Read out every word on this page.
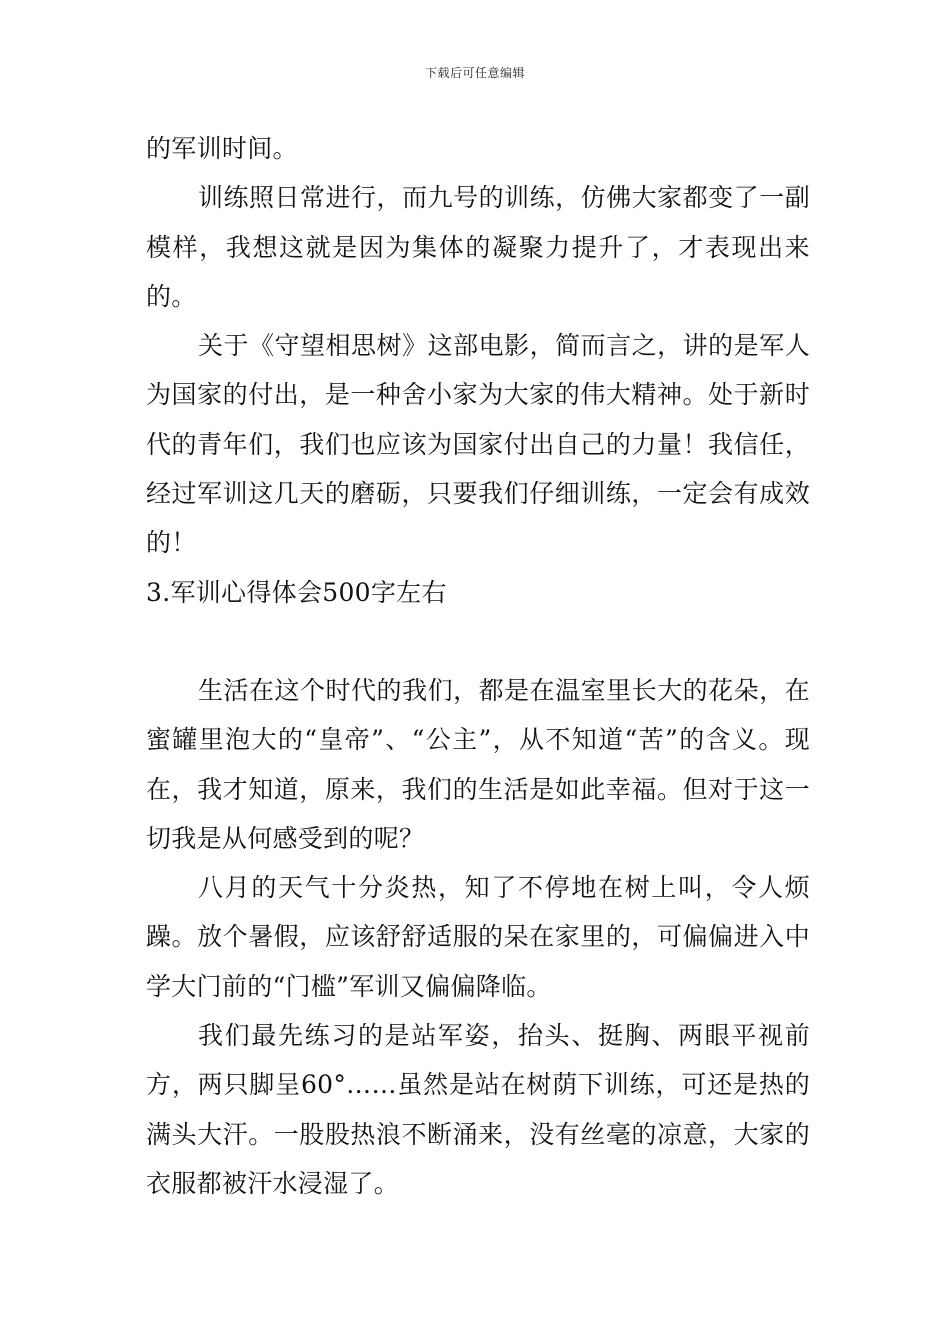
下载后可任意编辑

的军训时间。

训练照日常进行，而九号的训练，仿佛大家都变了一副模样，我想这就是因为集体的凝聚力提升了，才表现出来的。

关于《守望相思树》这部电影，简而言之，讲的是军人为国家的付出，是一种舍小家为大家的伟大精神。处于新时代的青年们，我们也应该为国家付出自己的力量！我信任，经过军训这几天的磨砺，只要我们仔细训练，一定会有成效的！

3.军训心得体会500字左右

生活在这个时代的我们，都是在温室里长大的花朵，在蜜罐里泡大的“皇帝”、“公主”，从不知道“苦”的含义。现在，我才知道，原来，我们的生活是如此幸福。但对于这一切我是从何感受到的呢？

八月的天气十分炎热，知了不停地在树上叫，令人烦躁。放个暑假，应该舒舒适服的呆在家里的，可偏偏进入中学大门前的“门槛”军训又偏偏降临。

我们最先练习的是站军姿，抬头、挺胸、两眼平视前方，两只脚呈60°……虽然是站在树荫下训练，可还是热的满头大汗。一股股热浪不断涌来，没有丝毫的凉意，大家的衣服都被汗水浸湿了。
